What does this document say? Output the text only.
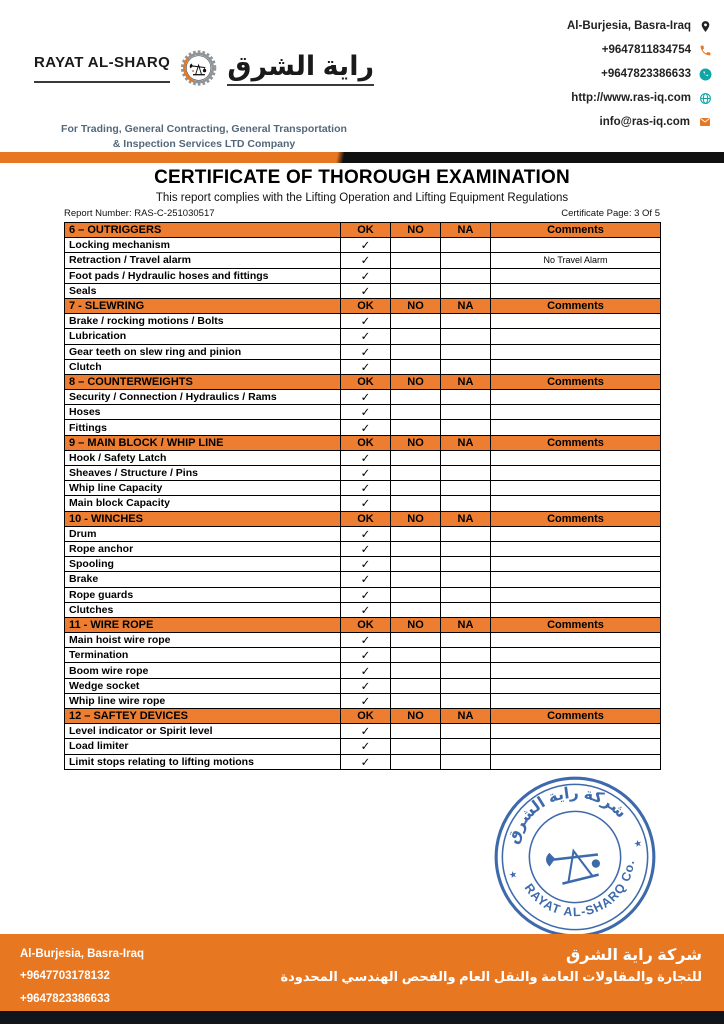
RAYAT AL-SHARQ راية الشرق
For Trading, General Contracting, General Transportation
& Inspection Services LTD Company
Al-Burjesia, Basra-Iraq
+9647811834754
+9647823386633
http://www.ras-iq.com
info@ras-iq.com
CERTIFICATE OF THOROUGH EXAMINATION
This report complies with the Lifting Operation and Lifting Equipment Regulations
Report Number: RAS-C-251030517	Certificate Page: 3 Of 5
6 – OUTRIGGERS	OK	NO	NA	Comments
Locking mechanism	✓			
Retraction / Travel alarm	✓			No Travel Alarm
Foot pads / Hydraulic hoses and fittings	✓			
Seals	✓			
7 - SLEWRING	OK	NO	NA	Comments
Brake / rocking motions / Bolts	✓			
Lubrication	✓			
Gear teeth on slew ring and pinion	✓			
Clutch	✓			
8 – COUNTERWEIGHTS	OK	NO	NA	Comments
Security / Connection / Hydraulics / Rams	✓			
Hoses	✓			
Fittings	✓			
9 – MAIN BLOCK / WHIP LINE	OK	NO	NA	Comments
Hook / Safety Latch	✓			
Sheaves / Structure / Pins	✓			
Whip line Capacity	✓			
Main block Capacity	✓			
10 - WINCHES	OK	NO	NA	Comments
Drum	✓			
Rope anchor	✓			
Spooling	✓			
Brake	✓			
Rope guards	✓			
Clutches	✓			
11 - WIRE ROPE	OK	NO	NA	Comments
Main hoist wire rope	✓			
Termination	✓			
Boom wire rope	✓			
Wedge socket	✓			
Whip line wire rope	✓			
12 – SAFTEY DEVICES	OK	NO	NA	Comments
Level indicator or Spirit level	✓			
Load limiter	✓			
Limit stops relating to lifting motions	✓			
شركة راية الشرق
RAYAT AL-SHARQ Co.
★
★
Al-Burjesia, Basra-Iraq
+9647703178132
+9647823386633
شركة راية الشرق
للتجارة والمقاولات العامة والنقل العام والفحص الهندسي المحدودة
